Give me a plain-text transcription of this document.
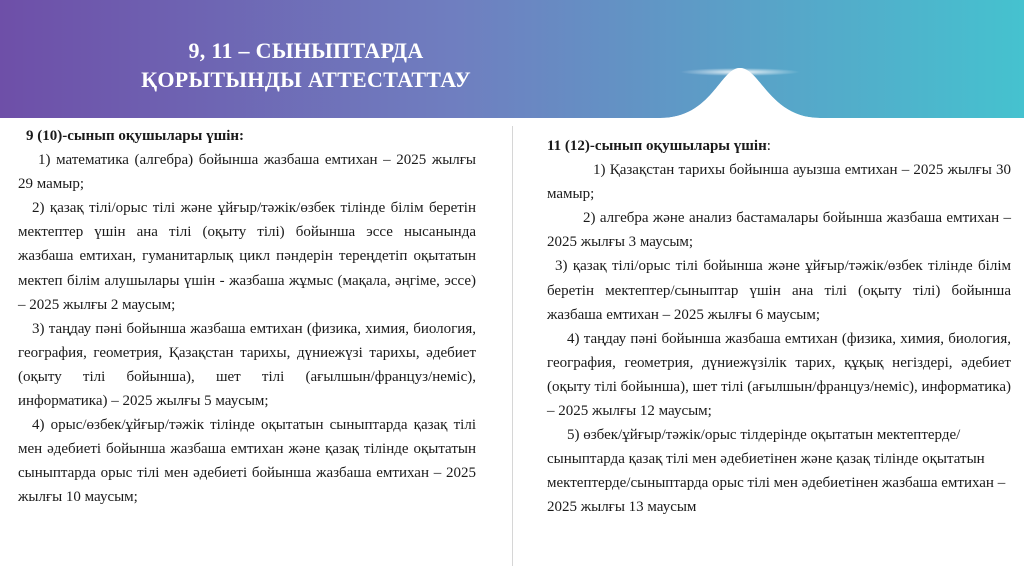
9, 11 – СЫНЫПТАРДА
ҚОРЫТЫНДЫ АТТЕСТАТТАУ

9 (10)-сынып оқушылары үшін:

1) математика (алгебра) бойынша жазбаша емтихан – 2025 жылғы 29 мамыр;

2) қазақ тілі/орыс тілі және ұйғыр/тәжік/өзбек тілінде білім беретін мектептер үшін ана тілі (оқыту тілі) бойынша эссе нысанында жазбаша емтихан, гуманитарлық цикл пәндерін тереңдетіп оқытатын мектеп білім алушылары үшін - жазбаша жұмыс (мақала, әңгіме, эссе) – 2025 жылғы 2 маусым;

3) таңдау пәні бойынша жазбаша емтихан (физика, химия, биология, география, геометрия, Қазақстан тарихы, дүниежүзі тарихы, әдебиет (оқыту тілі бойынша), шет тілі (ағылшын/француз/неміс), информатика) – 2025 жылғы 5 маусым;

4) орыс/өзбек/ұйғыр/тәжік тілінде оқытатын сыныптарда қазақ тілі мен әдебиеті бойынша жазбаша емтихан және қазақ тілінде оқытатын сыныптарда орыс тілі мен әдебиеті бойынша жазбаша емтихан – 2025 жылғы 10 маусым;

11 (12)-сынып оқушылары үшін:

1) Қазақстан тарихы бойынша ауызша емтихан – 2025 жылғы 30 мамыр;

2) алгебра және анализ бастамалары бойынша жазбаша емтихан – 2025 жылғы 3 маусым;

3) қазақ тілі/орыс тілі бойынша және ұйғыр/тәжік/өзбек тілінде білім беретін мектептер/сыныптар үшін ана тілі (оқыту тілі) бойынша жазбаша емтихан – 2025 жылғы 6 маусым;

4) таңдау пәні бойынша жазбаша емтихан (физика, химия, биология, география, геометрия, дүниежүзілік тарих, құқық негіздері, әдебиет (оқыту тілі бойынша), шет тілі (ағылшын/француз/неміс), информатика) – 2025 жылғы 12 маусым;

5) өзбек/ұйғыр/тәжік/орыс тілдерінде оқытатын мектептерде/сыныптарда қазақ тілі мен әдебиетінен және қазақ тілінде оқытатын мектептерде/сыныптарда орыс тілі мен әдебиетінен жазбаша емтихан – 2025 жылғы 13 маусым
